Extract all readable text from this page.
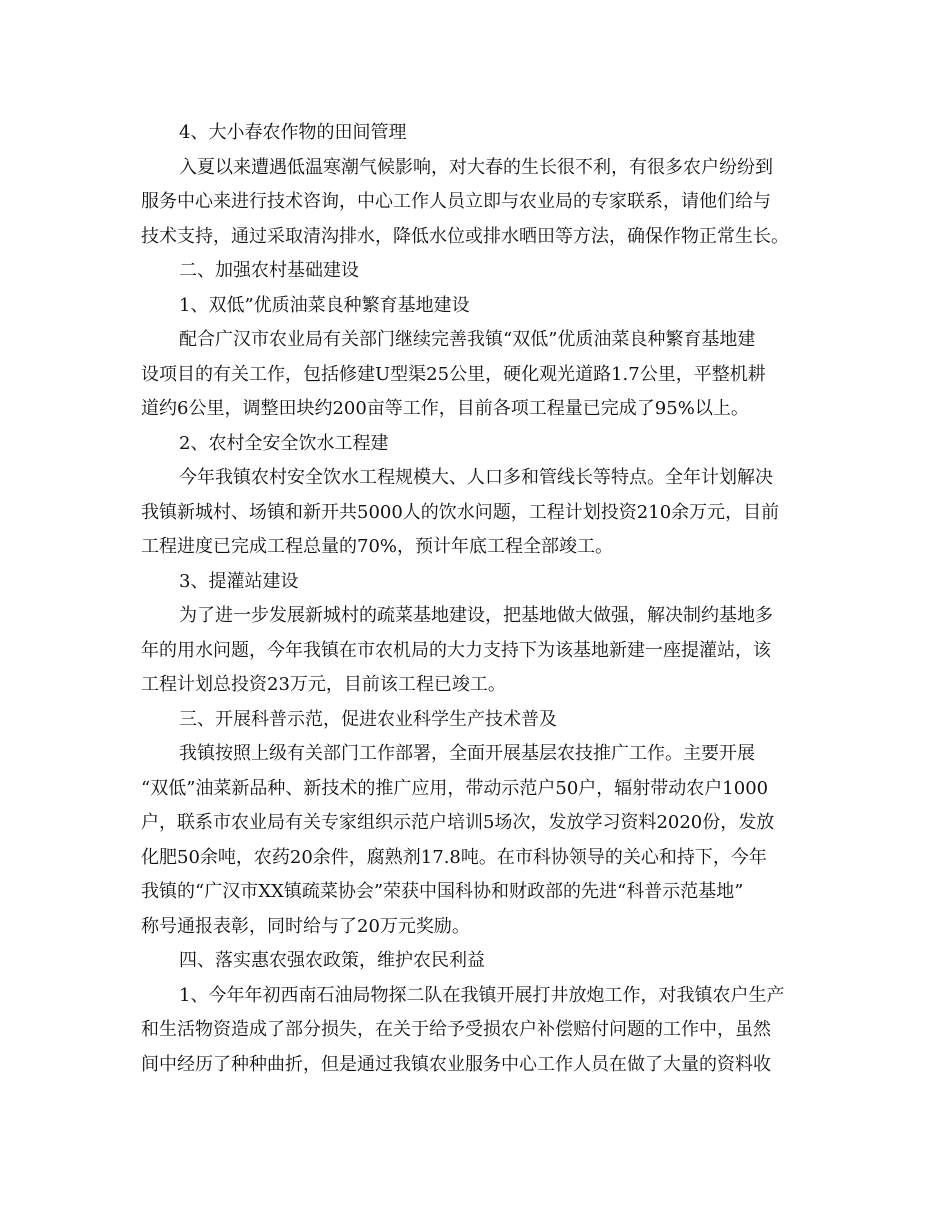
4、大小春农作物的田间管理
入夏以来遭遇低温寒潮气候影响，对大春的生长很不利，有很多农户纷纷到
服务中心来进行技术咨询，中心工作人员立即与农业局的专家联系，请他们给与
技术支持，通过采取清沟排水，降低水位或排水晒田等方法，确保作物正常生长。
二、加强农村基础建设
1、双低”优质油菜良种繁育基地建设
配合广汉市农业局有关部门继续完善我镇“双低”优质油菜良种繁育基地建
设项目的有关工作，包括修建U型渠25公里，硬化观光道路1.7公里，平整机耕
道约6公里，调整田块约200亩等工作，目前各项工程量已完成了95%以上。
2、农村全安全饮水工程建
今年我镇农村安全饮水工程规模大、人口多和管线长等特点。全年计划解决
我镇新城村、场镇和新开共5000人的饮水问题，工程计划投资210余万元，目前
工程进度已完成工程总量的70%，预计年底工程全部竣工。
3、提灌站建设
为了进一步发展新城村的疏菜基地建设，把基地做大做强，解决制约基地多
年的用水问题，今年我镇在市农机局的大力支持下为该基地新建一座提灌站，该
工程计划总投资23万元，目前该工程已竣工。
三、开展科普示范，促进农业科学生产技术普及
我镇按照上级有关部门工作部署，全面开展基层农技推广工作。主要开展
“双低”油菜新品种、新技术的推广应用，带动示范户50户，辐射带动农户1000
户，联系市农业局有关专家组织示范户培训5场次，发放学习资料2020份，发放
化肥50余吨，农药20余件，腐熟剂17.8吨。在市科协领导的关心和持下，今年
我镇的“广汉市XX镇疏菜协会”荣获中国科协和财政部的先进“科普示范基地”
称号通报表彰，同时给与了20万元奖励。
四、落实惠农强农政策，维护农民利益
1、今年年初西南石油局物探二队在我镇开展打井放炮工作，对我镇农户生产
和生活物资造成了部分损失，在关于给予受损农户补偿赔付问题的工作中，虽然
间中经历了种种曲折，但是通过我镇农业服务中心工作人员在做了大量的资料收
